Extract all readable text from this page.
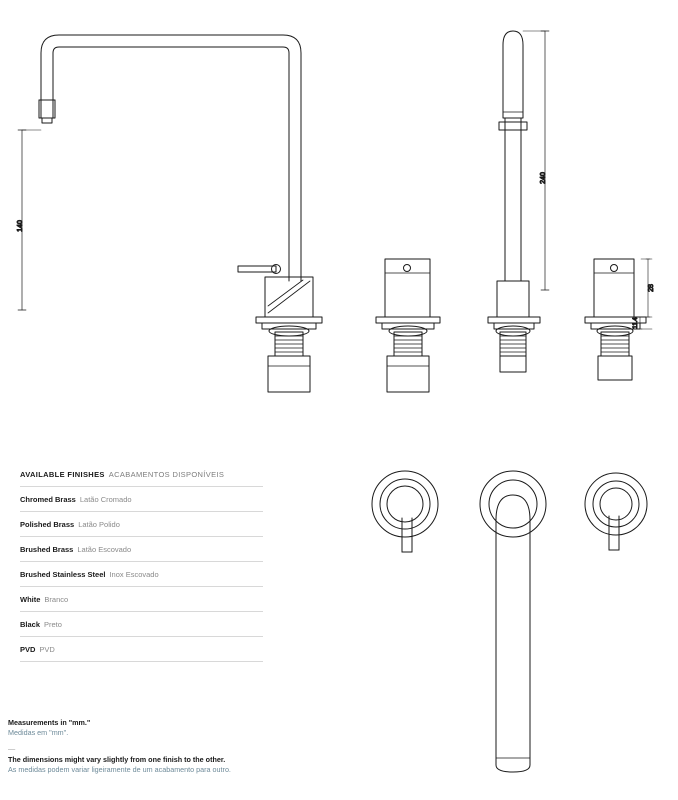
140
240
28
11.4
AVAILABLE FINISHES ACABAMENTOS DISPONÍVEIS
Chromed Brass Latão Cromado
Polished Brass Latão Polido
Brushed Brass Latão Escovado
Brushed Stainless Steel Inox Escovado
White Branco
Black Preto
PVD PVD
Measurements in "mm."
Medidas em "mm".
—
The dimensions might vary slightly from one finish to the other.
As medidas podem variar ligeiramente de um acabamento para outro.
